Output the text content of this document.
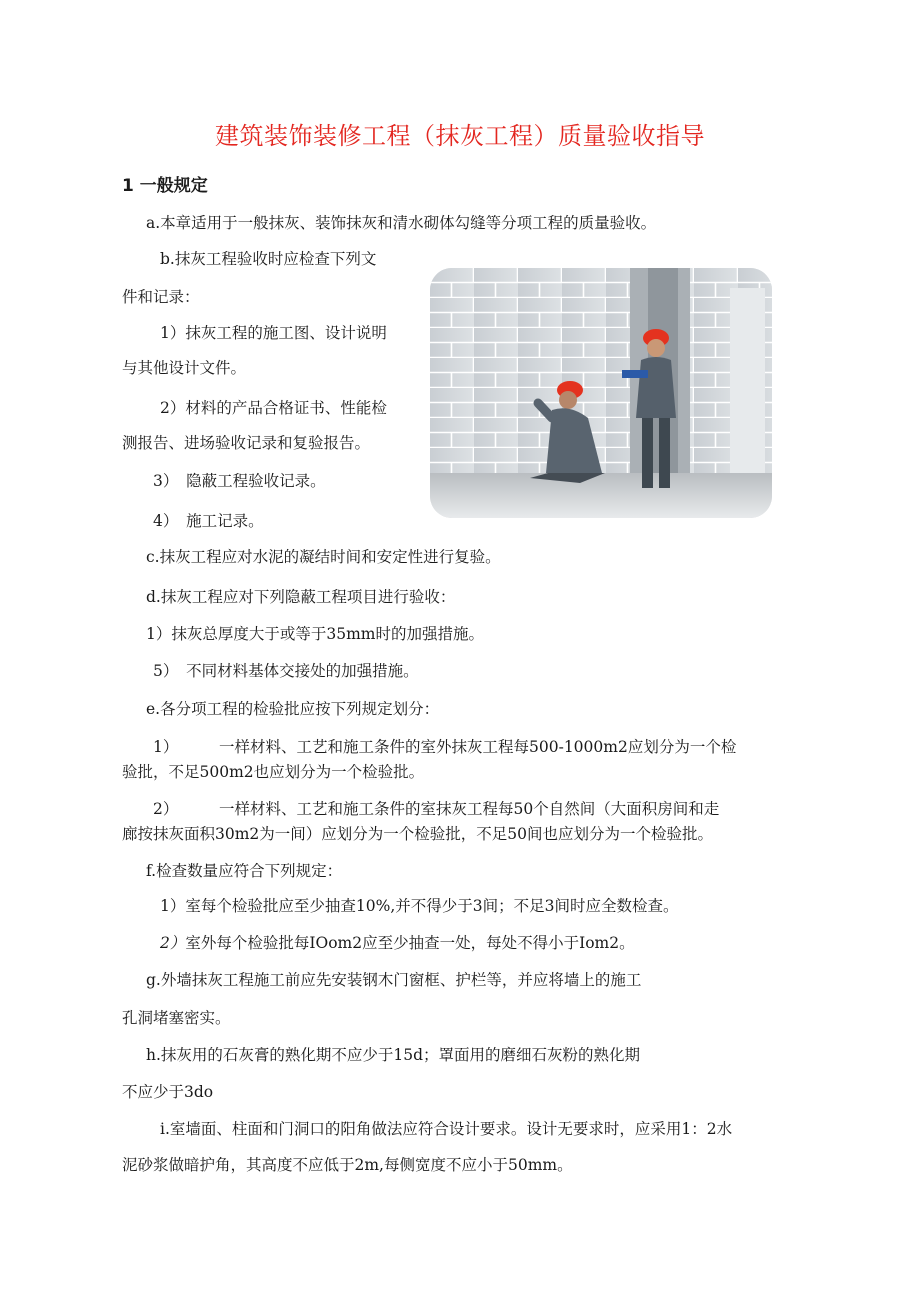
建筑装饰装修工程（抹灰工程）质量验收指导
1 一般规定

a.本章适用于一般抹灰、装饰抹灰和清水砌体勾缝等分项工程的质量验收。

b.抹灰工程验收时应检查下列文

件和记录：

1）抹灰工程的施工图、设计说明

与其他设计文件。

2）材料的产品合格证书、性能检

测报告、进场验收记录和复验报告。

3）　隐蔽工程验收记录。

4）　施工记录。

c.抹灰工程应对水泥的凝结时间和安定性进行复验。

d.抹灰工程应对下列隐蔽工程项目进行验收：

1）抹灰总厚度大于或等于35mm时的加强措施。

5）　不同材料基体交接处的加强措施。

e.各分项工程的检验批应按下列规定划分：

1）	一样材料、工艺和施工条件的室外抹灰工程每500-1000m2应划分为一个检

验批，不足500m2也应划分为一个检验批。

2）	一样材料、工艺和施工条件的室抹灰工程每50个自然间（大面积房间和走

廊按抹灰面积30m2为一间）应划分为一个检验批，不足50间也应划分为一个检验批。

f.检查数量应符合下列规定：

1）室每个检验批应至少抽查10%,并不得少于3间；不足3间时应全数检查。

2）室外每个检验批每IOom2应至少抽查一处，每处不得小于Iom2。

g.外墙抹灰工程施工前应先安装钢木门窗框、护栏等，并应将墙上的施工

孔洞堵塞密实。

h.抹灰用的石灰膏的熟化期不应少于15d；罩面用的磨细石灰粉的熟化期

不应少于3do

i.室墙面、柱面和门洞口的阳角做法应符合设计要求。设计无要求时，应采用1：2水

泥砂浆做暗护角，其高度不应低于2m,每侧宽度不应小于50mm。
